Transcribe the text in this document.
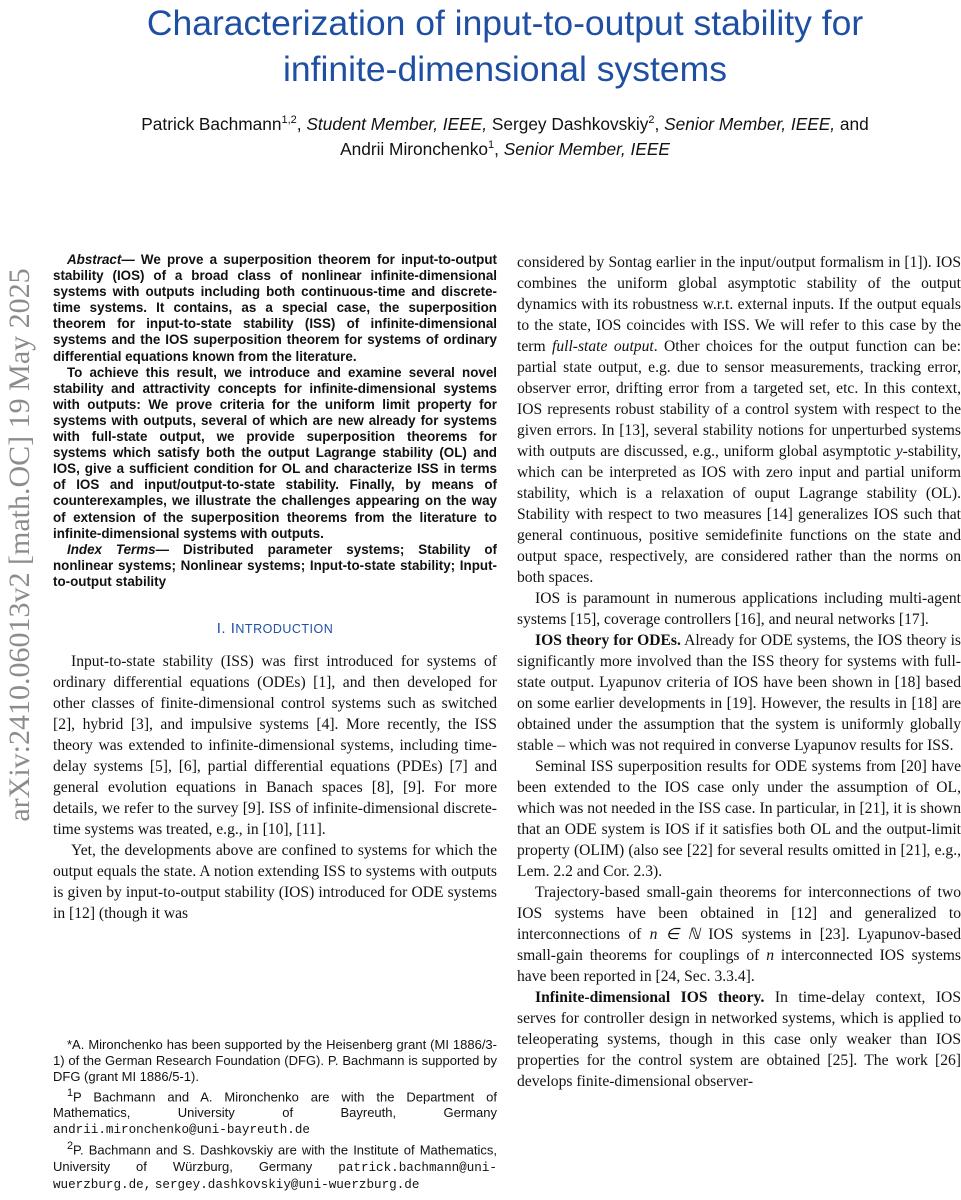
Characterization of input-to-output stability for
infinite-dimensional systems
Patrick Bachmann$^{1,2}$, Student Member, IEEE, Sergey Dashkovskiy$^2$, Senior Member, IEEE, and
Andrii Mironchenko$^1$, Senior Member, IEEE
arXiv:2410.06013v2 [math.OC] 19 May 2025

Abstract— We prove a superposition theorem for input-to-output stability (IOS) of a broad class of nonlinear infinite-dimensional systems with outputs including both continuous-time and discrete-time systems. It contains, as a special case, the superposition theorem for input-to-state stability (ISS) of infinite-dimensional systems and the IOS superposition theorem for systems of ordinary differential equations known from the literature.

To achieve this result, we introduce and examine several novel stability and attractivity concepts for infinite-dimensional systems with outputs: We prove criteria for the uniform limit property for systems with outputs, several of which are new already for systems with full-state output, we provide superposition theorems for systems which satisfy both the output Lagrange stability (OL) and IOS, give a sufficient condition for OL and characterize ISS in terms of IOS and input/output-to-state stability. Finally, by means of counterexamples, we illustrate the challenges appearing on the way of extension of the superposition theorems from the literature to infinite-dimensional systems with outputs.

Index Terms— Distributed parameter systems; Stability of nonlinear systems; Nonlinear systems; Input-to-state stability; Input-to-output stability

I. INTRODUCTION

Input-to-state stability (ISS) was first introduced for systems of ordinary differential equations (ODEs) [1], and then developed for other classes of finite-dimensional control systems such as switched [2], hybrid [3], and impulsive systems [4]. More recently, the ISS theory was extended to infinite-dimensional systems, including time-delay systems [5], [6], partial differential equations (PDEs) [7] and general evolution equations in Banach spaces [8], [9]. For more details, we refer to the survey [9]. ISS of infinite-dimensional discrete-time systems was treated, e.g., in [10], [11].

Yet, the developments above are confined to systems for which the output equals the state. A notion extending ISS to systems with outputs is given by input-to-output stability (IOS) introduced for ODE systems in [12] (though it was

*A. Mironchenko has been supported by the Heisenberg grant (MI 1886/3-1) of the German Research Foundation (DFG). P. Bachmann is supported by DFG (grant MI 1886/5-1).

$^1$P Bachmann and A. Mironchenko are with the Department of Mathematics, University of Bayreuth, Germany andrii.mironchenko@uni-bayreuth.de

$^2$P. Bachmann and S. Dashkovskiy are with the Institute of Mathematics, University of Würzburg, Germany patrick.bachmann@uni-wuerzburg.de, sergey.dashkovskiy@uni-wuerzburg.de

considered by Sontag earlier in the input/output formalism in [1]). IOS combines the uniform global asymptotic stability of the output dynamics with its robustness w.r.t. external inputs. If the output equals to the state, IOS coincides with ISS. We will refer to this case by the term full-state output. Other choices for the output function can be: partial state output, e.g. due to sensor measurements, tracking error, observer error, drifting error from a targeted set, etc. In this context, IOS represents robust stability of a control system with respect to the given errors. In [13], several stability notions for unperturbed systems with outputs are discussed, e.g., uniform global asymptotic y-stability, which can be interpreted as IOS with zero input and partial uniform stability, which is a relaxation of ouput Lagrange stability (OL). Stability with respect to two measures [14] generalizes IOS such that general continuous, positive semidefinite functions on the state and output space, respectively, are considered rather than the norms on both spaces.

IOS is paramount in numerous applications including multi-agent systems [15], coverage controllers [16], and neural networks [17].

IOS theory for ODEs. Already for ODE systems, the IOS theory is significantly more involved than the ISS theory for systems with full-state output. Lyapunov criteria of IOS have been shown in [18] based on some earlier developments in [19]. However, the results in [18] are obtained under the assumption that the system is uniformly globally stable – which was not required in converse Lyapunov results for ISS.

Seminal ISS superposition results for ODE systems from [20] have been extended to the IOS case only under the assumption of OL, which was not needed in the ISS case. In particular, in [21], it is shown that an ODE system is IOS if it satisfies both OL and the output-limit property (OLIM) (also see [22] for several results omitted in [21], e.g., Lem. 2.2 and Cor. 2.3).

Trajectory-based small-gain theorems for interconnections of two IOS systems have been obtained in [12] and generalized to interconnections of n ∈ ℕ IOS systems in [23]. Lyapunov-based small-gain theorems for couplings of n interconnected IOS systems have been reported in [24, Sec. 3.3.4].

Infinite-dimensional IOS theory. In time-delay context, IOS serves for controller design in networked systems, which is applied to teleoperating systems, though in this case only weaker than IOS properties for the control system are obtained [25]. The work [26] develops finite-dimensional observer-
